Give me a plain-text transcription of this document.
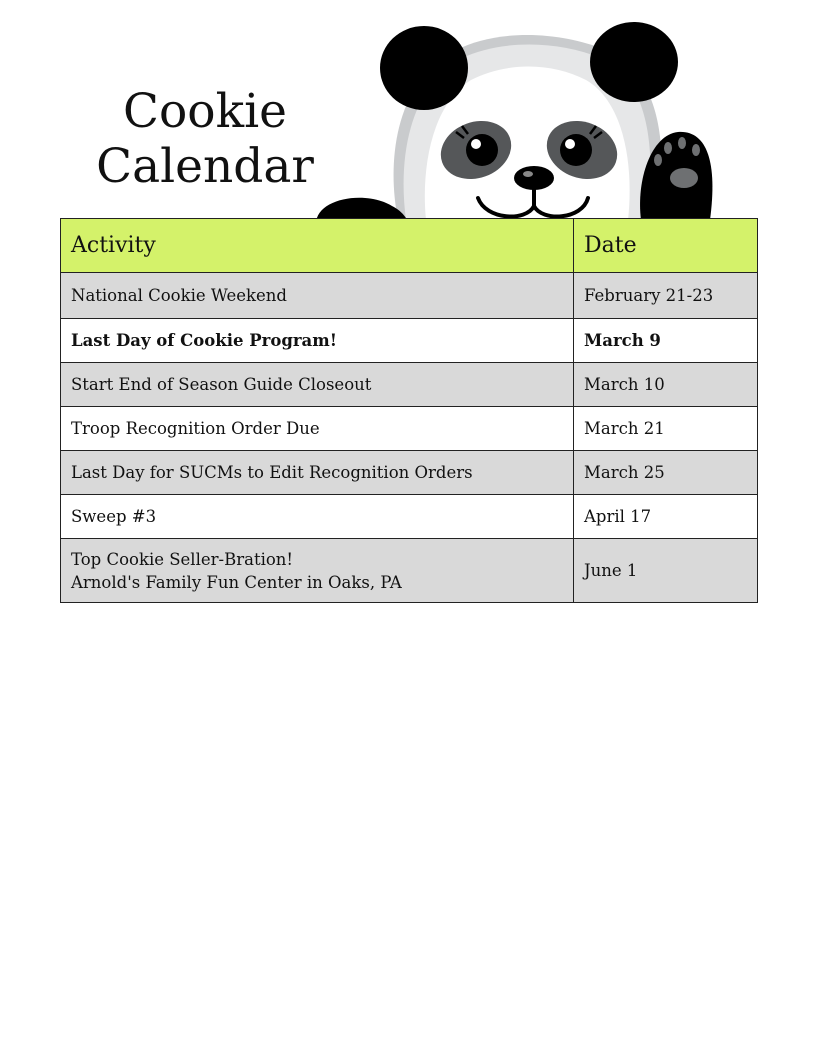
Cookie
Calendar
Activity	Date
National Cookie Weekend	February 21-23
Last Day of Cookie Program!	March 9
Start End of Season Guide Closeout	March 10
Troop Recognition Order Due	March 21
Last Day for SUCMs to Edit Recognition Orders	March 25
Sweep #3	April 17

Top Cookie Seller-Bration!
Arnold's Family Fun Center in Oaks, PA	June 1
